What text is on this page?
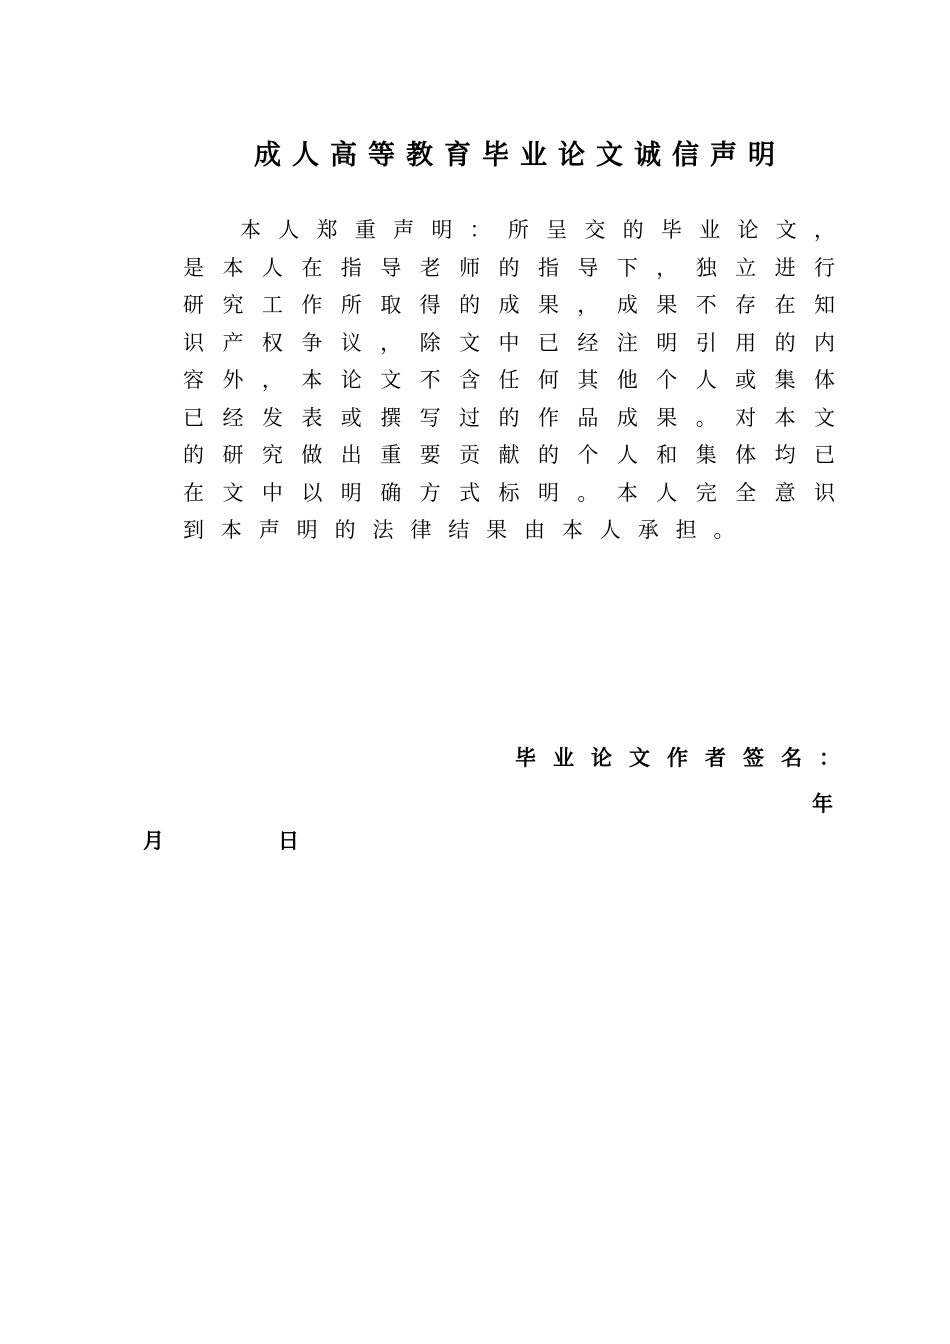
成人高等教育毕业论文诚信声明
本 人 郑 重 声 明 ： 所 呈 交 的 毕 业 论 文 ，
是 本 人 在 指 导 老 师 的 指 导 下 ， 独 立 进 行
研 究 工 作 所 取 得 的 成 果 ， 成 果 不 存 在 知
识 产 权 争 议 ， 除 文 中 已 经 注 明 引 用 的 内
容 外 ， 本 论 文 不 含 任 何 其 他 个 人 或 集 体
已 经 发 表 或 撰 写 过 的 作 品 成 果 。 对 本 文
的 研 究 做 出 重 要 贡 献 的 个 人 和 集 体 均 已
在 文 中 以 明 确 方 式 标 明 。 本 人 完 全 意 识
到 本 声 明 的 法 律 结 果 由 本 人 承 担 。
毕业论文作者签名：
年
月	日
